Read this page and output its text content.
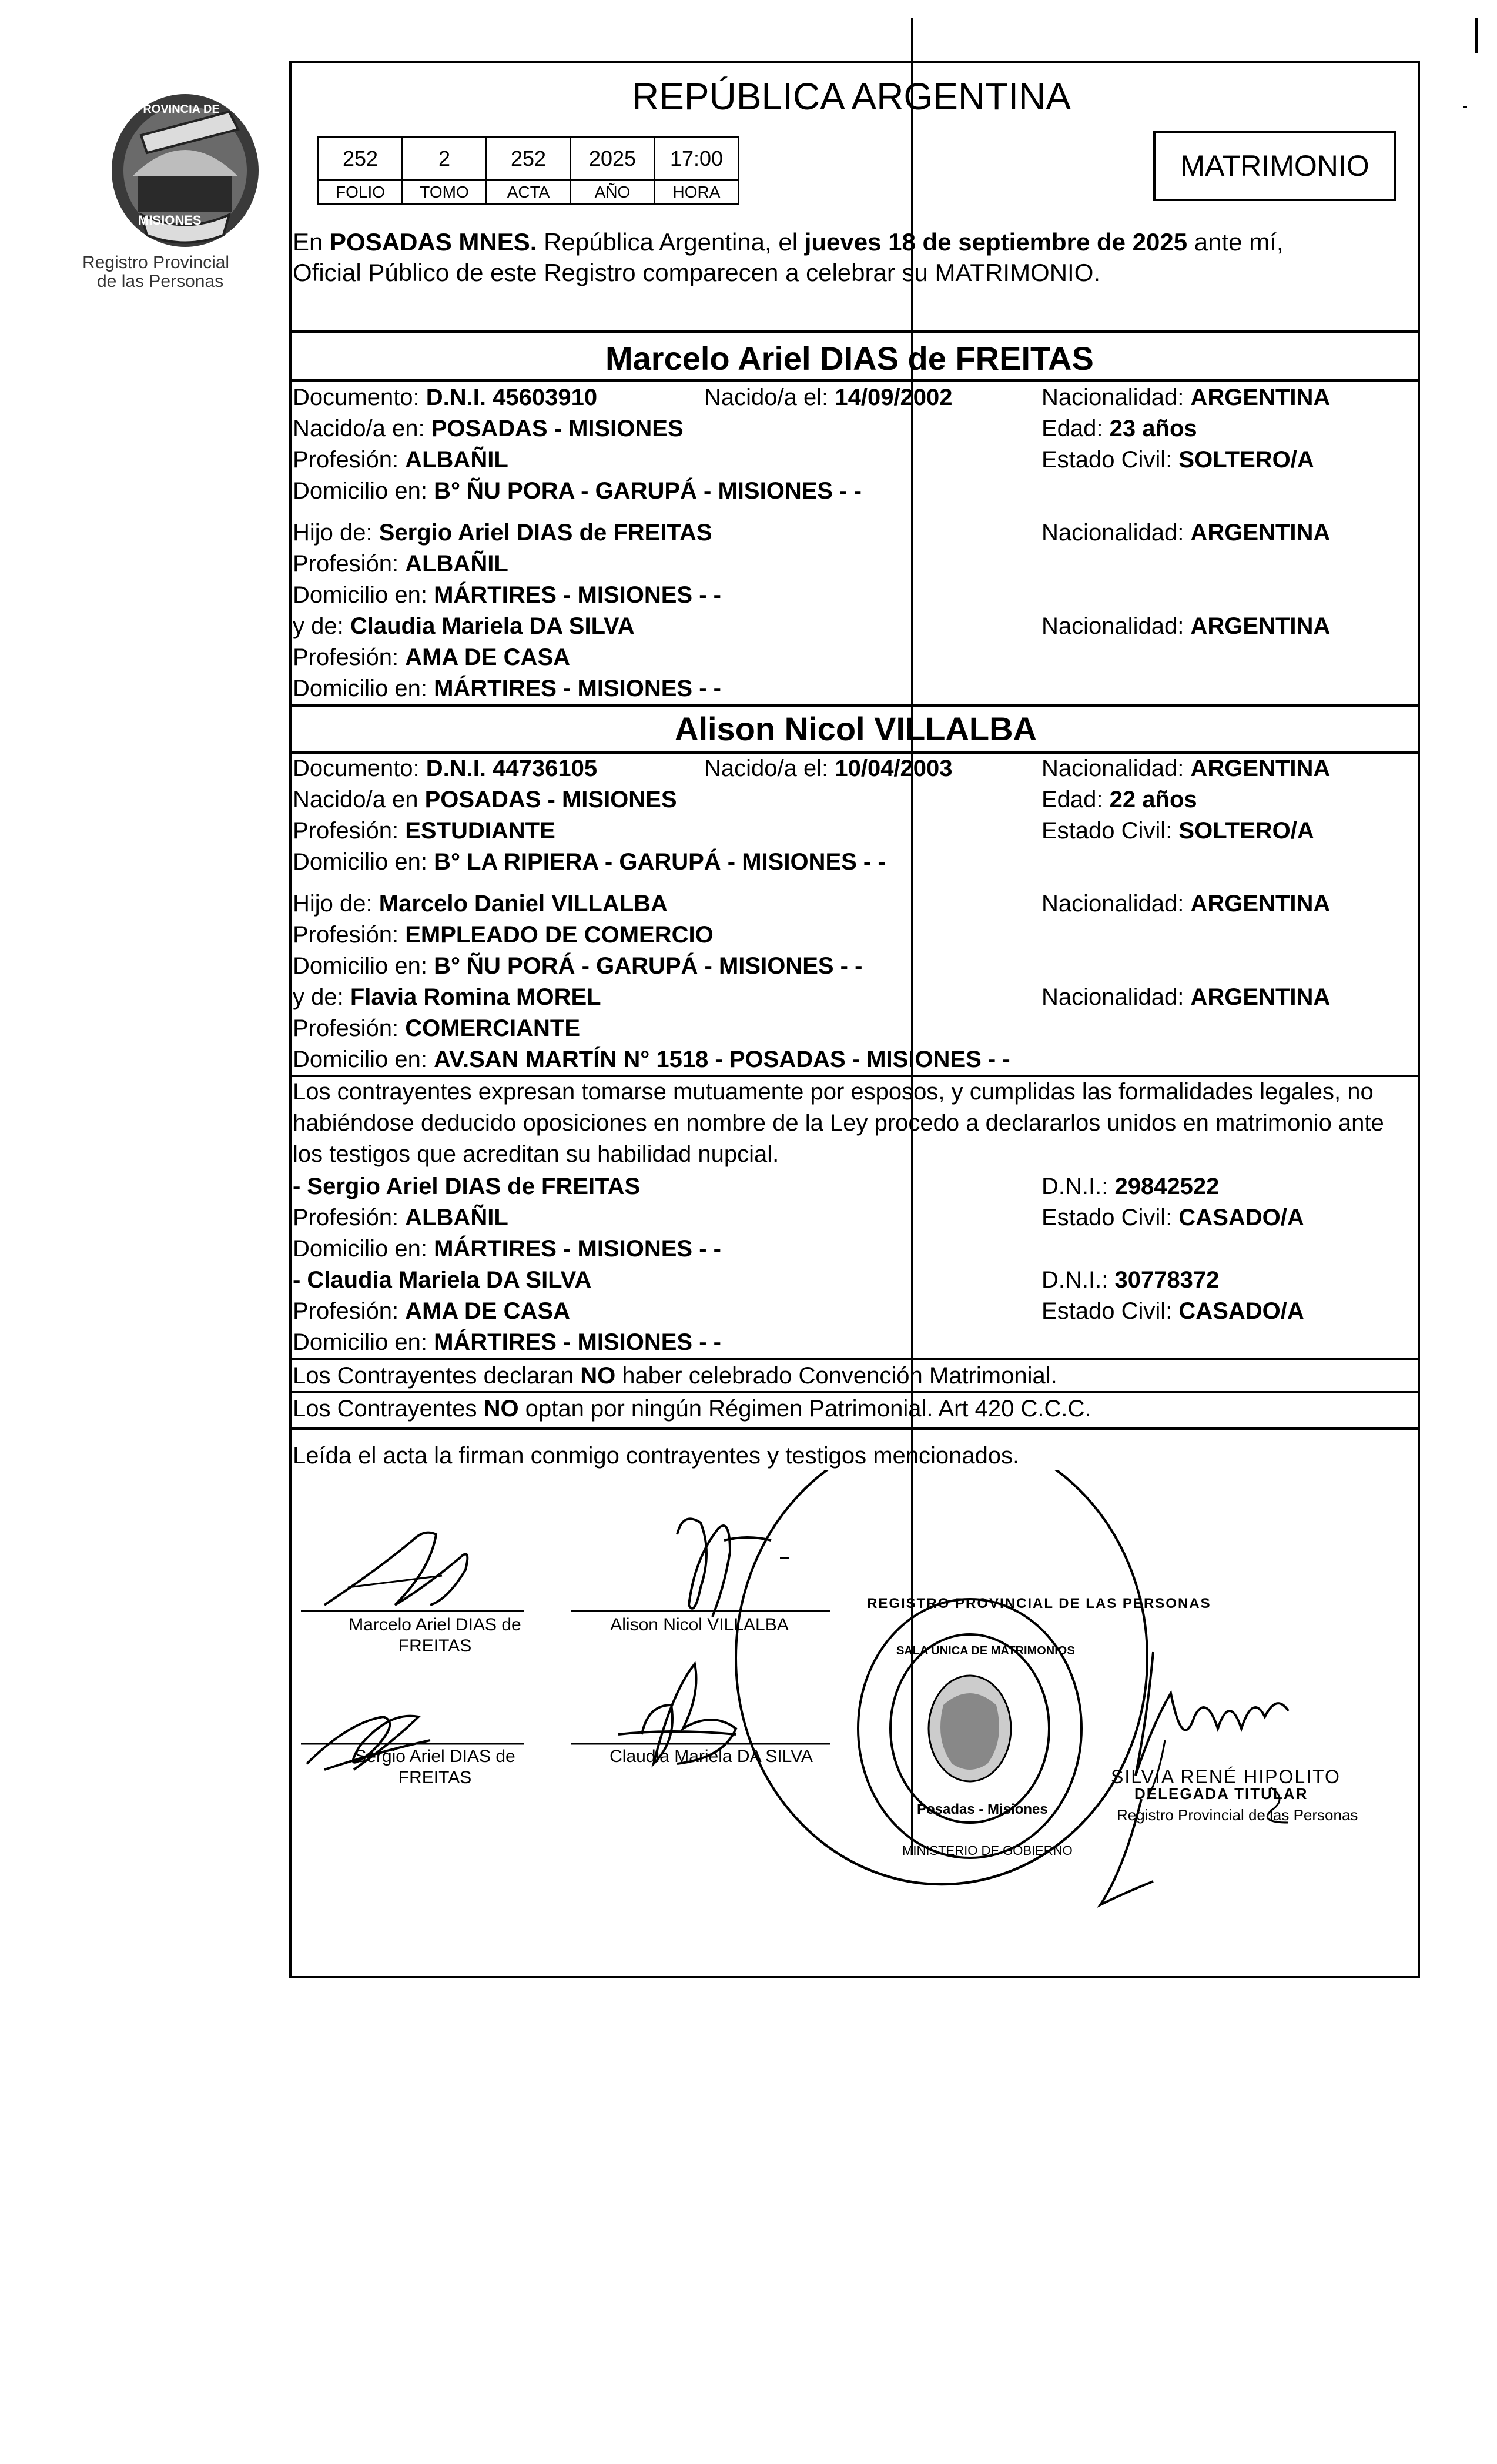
Registro Provincial
de las Personas
PROVINCIA DE
MISIONES
REPÚBLICA ARGENTINA
252	2	252	2025	17:00
FOLIO	TOMO	ACTA	AÑO	HORA
MATRIMONIO
En POSADAS MNES. República Argentina, el jueves 18 de septiembre de 2025 ante mí,
Oficial Público de este Registro comparecen a celebrar su MATRIMONIO.
Marcelo Ariel DIAS de FREITAS
Documento: D.N.I. 45603910	Nacido/a el: 14/09/2002	Nacionalidad: ARGENTINA
Nacido/a en: POSADAS - MISIONES	Edad: 23 años
Profesión: ALBAÑIL	Estado Civil: SOLTERO/A
Domicilio en: B° ÑU PORA - GARUPÁ - MISIONES - -
Hijo de: Sergio Ariel DIAS de FREITAS	Nacionalidad: ARGENTINA
Profesión: ALBAÑIL
Domicilio en: MÁRTIRES - MISIONES - -
y de: Claudia Mariela DA SILVA	Nacionalidad: ARGENTINA
Profesión: AMA DE CASA
Domicilio en: MÁRTIRES - MISIONES - -
Alison Nicol VILLALBA
Documento: D.N.I. 44736105	Nacido/a el: 10/04/2003	Nacionalidad: ARGENTINA
Nacido/a en POSADAS - MISIONES	Edad: 22 años
Profesión: ESTUDIANTE	Estado Civil: SOLTERO/A
Domicilio en: B° LA RIPIERA - GARUPÁ - MISIONES - -
Hijo de: Marcelo Daniel VILLALBA	Nacionalidad: ARGENTINA
Profesión: EMPLEADO DE COMERCIO
Domicilio en: B° ÑU PORÁ - GARUPÁ - MISIONES - -
y de: Flavia Romina MOREL	Nacionalidad: ARGENTINA
Profesión: COMERCIANTE
Domicilio en: AV.SAN MARTÍN N° 1518 - POSADAS - MISIONES - -
Los contrayentes expresan tomarse mutuamente por esposos, y cumplidas las formalidades legales, no
habiéndose deducido oposiciones en nombre de la Ley procedo a declararlos unidos en matrimonio ante
los testigos que acreditan su habilidad nupcial.
- Sergio Ariel DIAS de FREITAS	D.N.I.: 29842522
Profesión: ALBAÑIL	Estado Civil: CASADO/A
Domicilio en: MÁRTIRES - MISIONES - -
- Claudia Mariela DA SILVA	D.N.I.: 30778372
Profesión: AMA DE CASA	Estado Civil: CASADO/A
Domicilio en: MÁRTIRES - MISIONES - -
Los Contrayentes declaran NO haber celebrado Convención Matrimonial.
Los Contrayentes NO optan por ningún Régimen Patrimonial. Art 420 C.C.C.
Leída el acta la firman conmigo contrayentes y testigos mencionados.
REGISTRO PROVINCIAL DE LAS PERSONAS
SALA ÚNICA DE MATRIMONIOS
Posadas - Misiones
MINISTERIO DE GOBIERNO
SILVIA RENÉ HIPOLITO
DELEGADA TITULAR
Registro Provincial de las Personas
Marcelo Ariel DIAS de
FREITAS
Alison Nicol VILLALBA
Sergio Ariel DIAS de
FREITAS
Claudia Mariela DA SILVA
